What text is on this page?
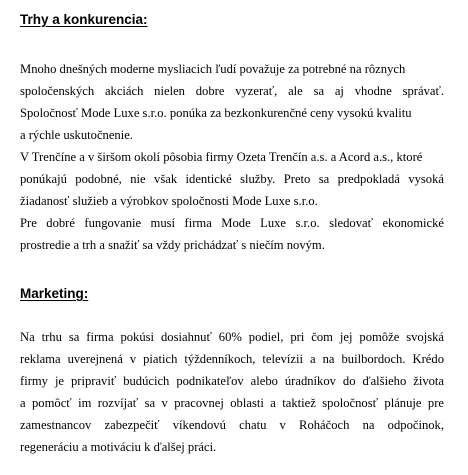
Trhy a konkurencia:
Mnoho dnešných moderne mysliacich ľudí považuje za potrebné na rôznych
spoločenských akciách nielen dobre vyzerať, ale sa aj vhodne správať.
Spoločnosť Mode Luxe s.r.o. ponúka za bezkonkurenčné ceny vysokú kvalitu
a rýchle uskutočnenie.
V Trenčíne a v širšom okolí pôsobia firmy Ozeta Trenčín a.s. a Acord a.s., ktoré
ponúkajú podobné, nie však identické služby. Preto sa predpokladá vysoká
žiadanosť služieb a výrobkov spoločnosti Mode Luxe s.r.o.
Pre dobré fungovanie musí firma Mode Luxe s.r.o. sledovať ekonomické
prostredie a trh a snažiť sa vždy prichádzať s niečím novým.
Marketing:
Na trhu sa firma pokúsi dosiahnuť 60% podiel, pri čom jej pomôže svojská
reklama uverejnená v piatich týždenníkoch, televízii a na builbordoch. Krédo
firmy je pripraviť budúcich podnikateľov alebo úradníkov do ďalšieho života
a pomôcť im rozvíjať sa v pracovnej oblasti a taktiež spoločnosť plánuje pre
zamestnancov zabezpečiť víkendovú chatu v Roháčoch na odpočinok,
regeneráciu a motiváciu k ďalšej práci.
